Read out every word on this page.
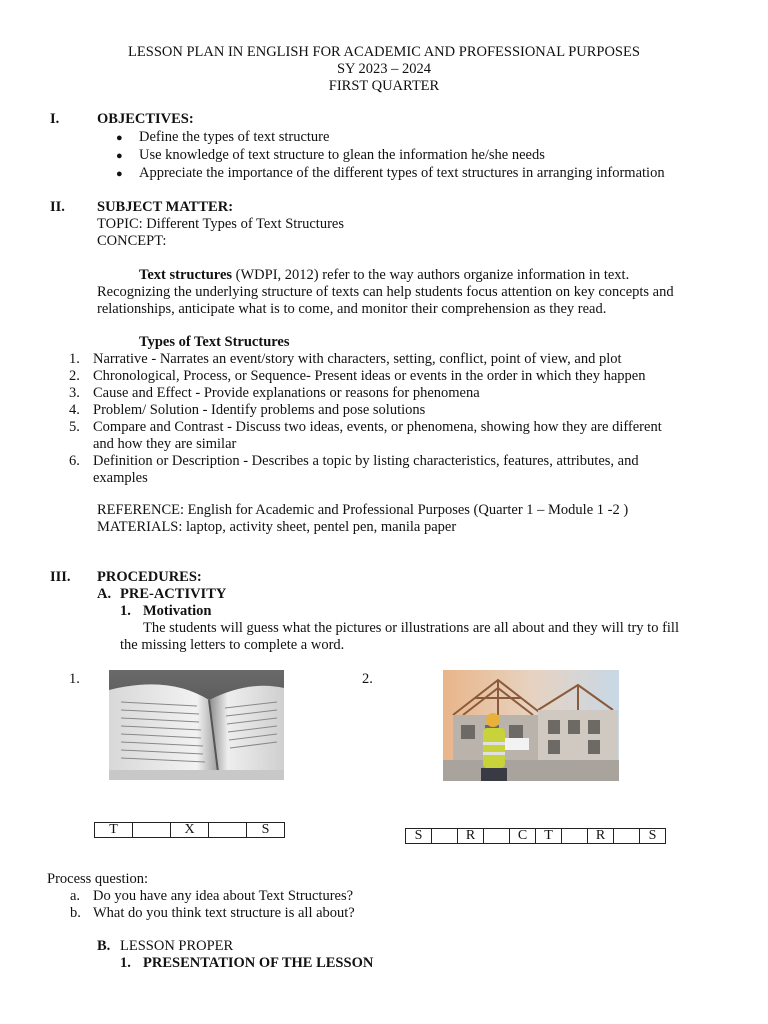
LESSON PLAN IN ENGLISH FOR ACADEMIC AND PROFESSIONAL PURPOSES
SY 2023 – 2024
FIRST QUARTER
I.	OBJECTIVES:
● Define the types of text structure
● Use knowledge of text structure to glean the information he/she needs
● Appreciate the importance of the different types of text structures in arranging information
II. SUBJECT MATTER:
TOPIC: Different Types of Text Structures
CONCEPT:
Text structures (WDPI, 2012) refer to the way authors organize information in text.
Recognizing the underlying structure of texts can help students focus attention on key concepts and
relationships, anticipate what is to come, and monitor their comprehension as they read.
Types of Text Structures
1. Narrative - Narrates an event/story with characters, setting, conflict, point of view, and plot
2. Chronological, Process, or Sequence- Present ideas or events in the order in which they happen
3. Cause and Effect - Provide explanations or reasons for phenomena
4. Problem/ Solution - Identify problems and pose solutions
5. Compare and Contrast - Discuss two ideas, events, or phenomena, showing how they are different
and how they are similar
6. Definition or Description - Describes a topic by listing characteristics, features, attributes, and
examples
REFERENCE: English for Academic and Professional Purposes (Quarter 1 – Module 1 -2 )
MATERIALS: laptop, activity sheet, pentel pen, manila paper
III. PROCEDURES:
A. PRE-ACTIVITY
1. Motivation
The students will guess what the pictures or illustrations are all about and they will try to fill
the missing letters to complete a word.
1.	2.
T		X		S	S		R		C	T		R		S
Process question:
a. Do you have any idea about Text Structures?
b. What do you think text structure is all about?
B. LESSON PROPER
1. PRESENTATION OF THE LESSON
